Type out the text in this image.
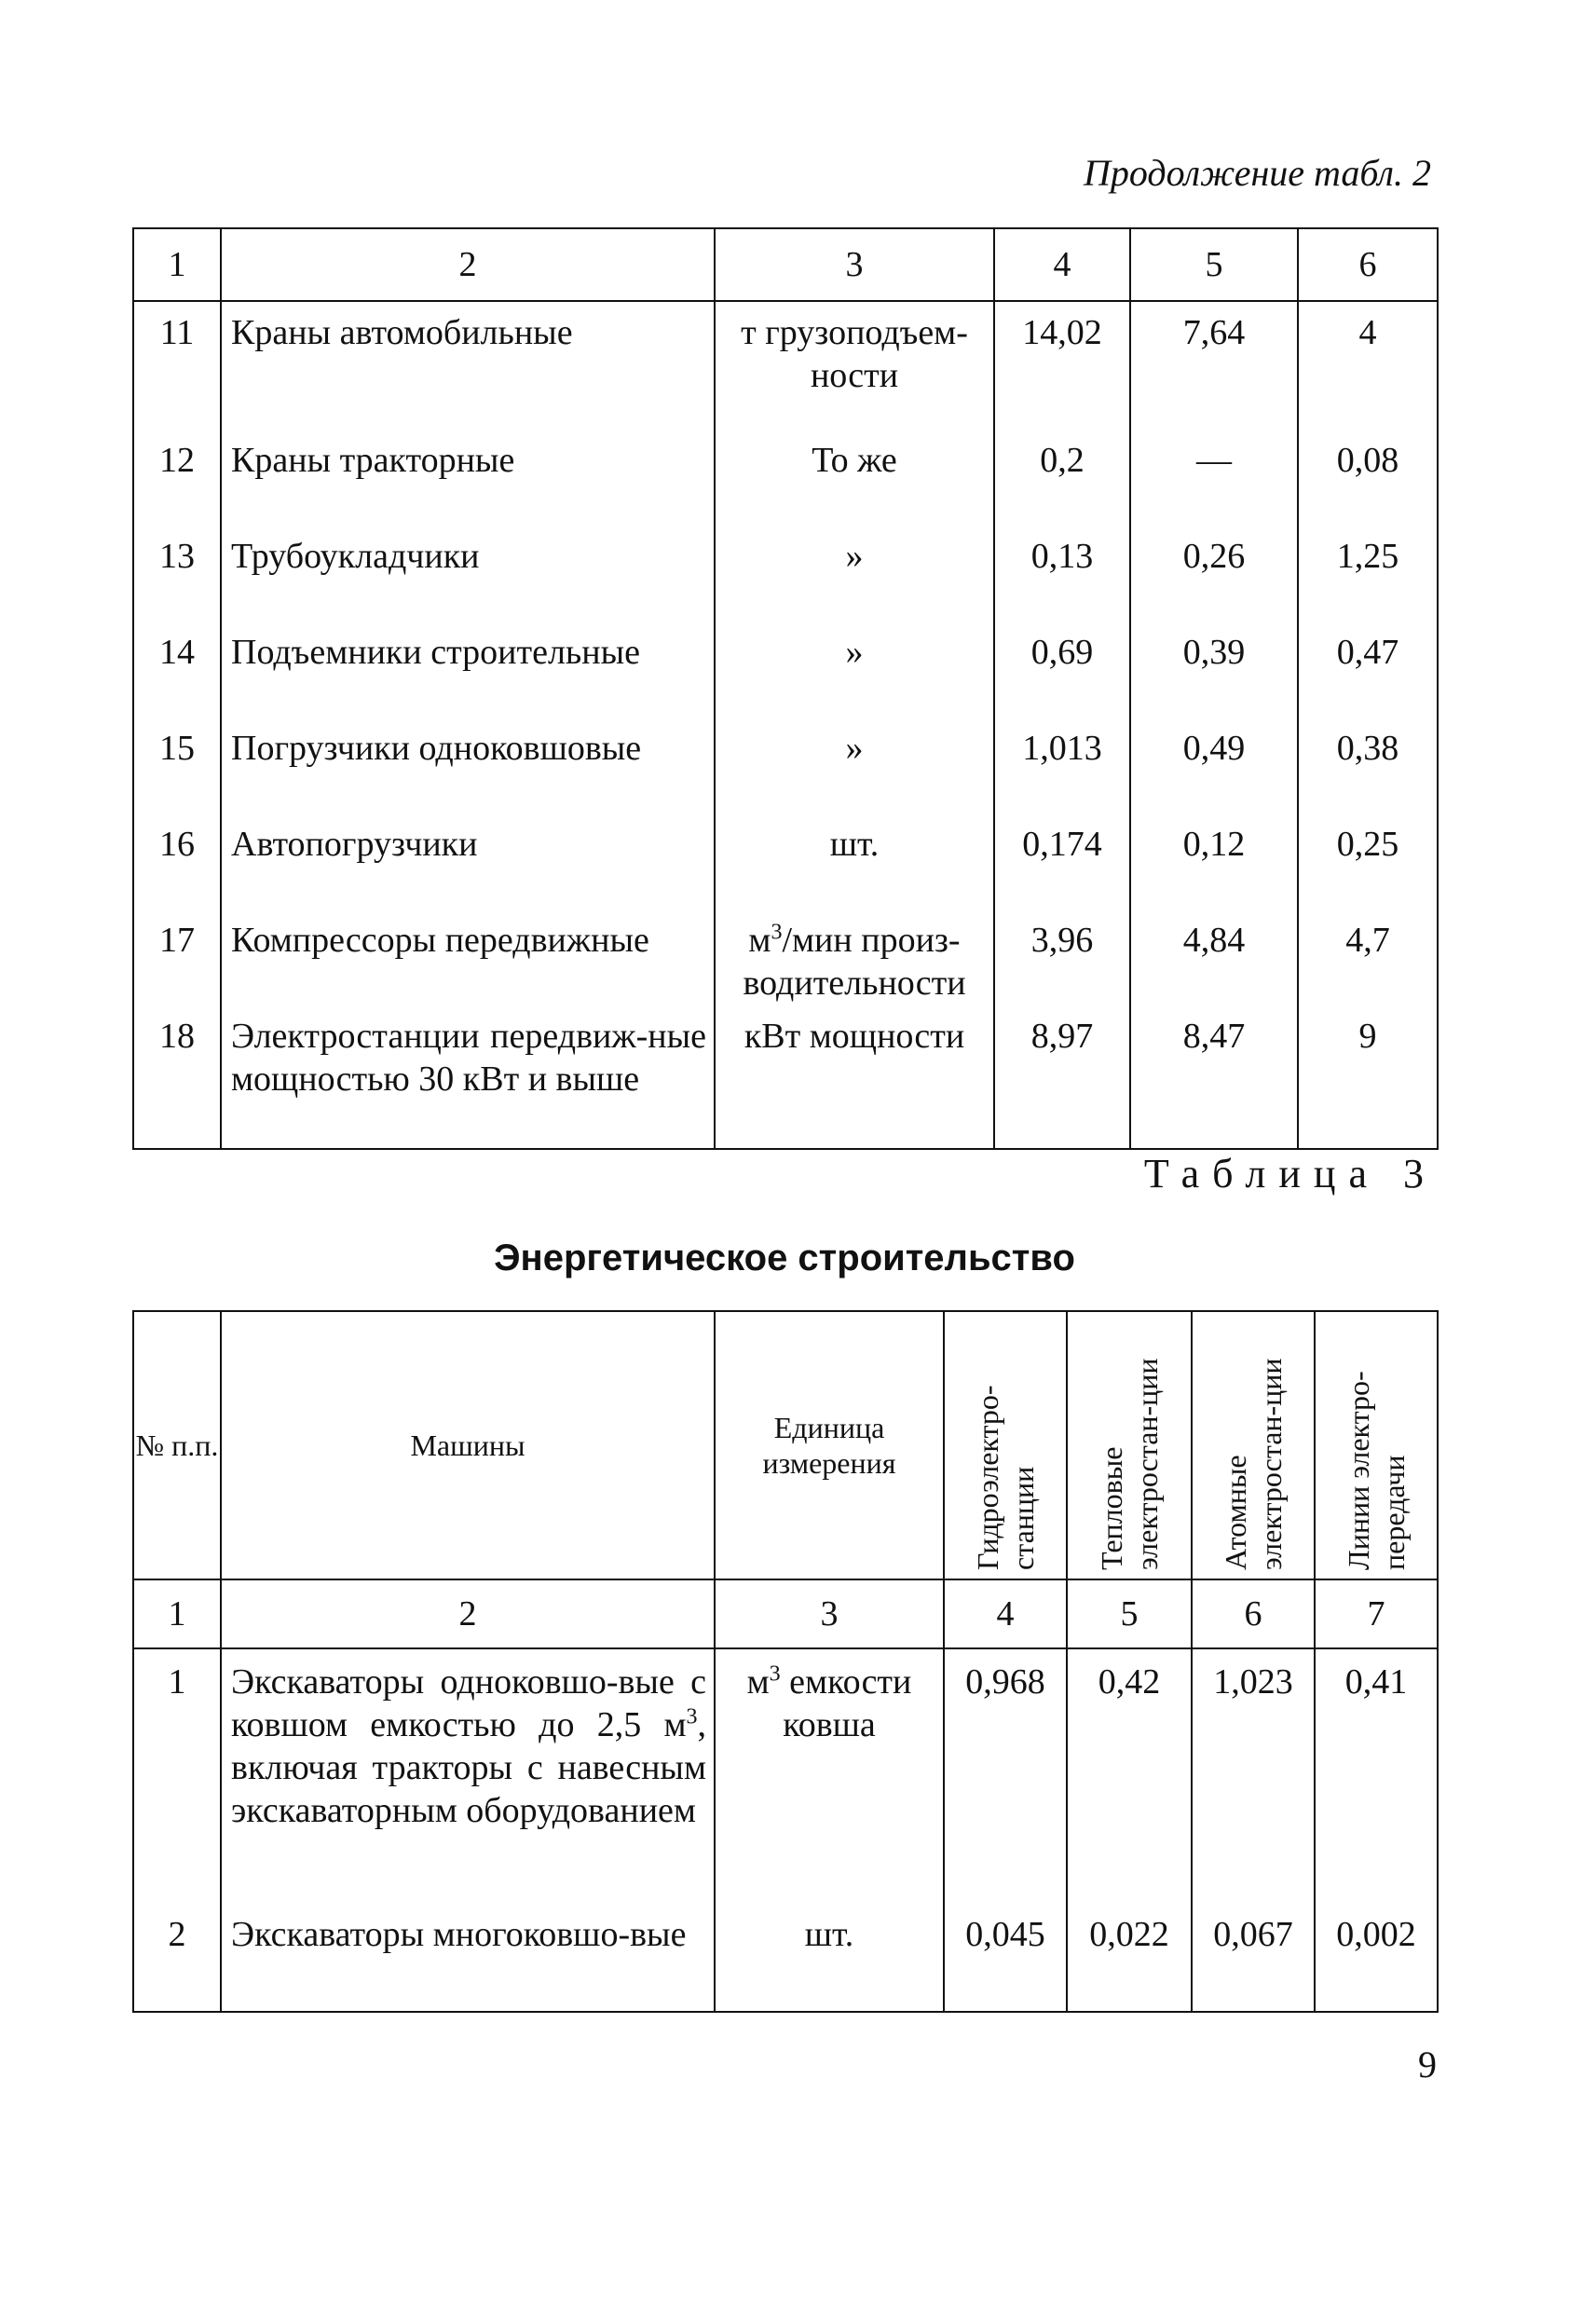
Продолжение табл. 2
1	2	3	4	5	6
11	Краны автомобильные	т грузоподъем-ности	14,02	7,64	4
12	Краны тракторные	То же	0,2	—	0,08
13	Трубоукладчики	»	0,13	0,26	1,25
14	Подъемники строительные	»	0,69	0,39	0,47
15	Погрузчики одноковшовые	»	1,013	0,49	0,38
16	Автопогрузчики	шт.	0,174	0,12	0,25
17	Компрессоры передвижные	$м^3$/мин произ-водительности	3,96	4,84	4,7
18	Электростанции передвиж-ные мощностью 30 кВт и выше	кВт мощности	8,97	8,47	9
Таблица 3
Энергетическое строительство
№ п.п.	Машины	Единица измерения	Гидроэлектро-станции	Тепловые электростан-ции	Атомные электростан-ции	Линии электро-передачи
1	2	3	4	5	6	7
1	Экскаваторы одноковшо-вые с ковшом емкостью до 2,5 $м^3$, включая тракторы с навесным экскаваторным оборудованием	$м^3$ емкости ковша	0,968	0,42	1,023	0,41
2	Экскаваторы многоковшо-вые	шт.	0,045	0,022	0,067	0,002
9
